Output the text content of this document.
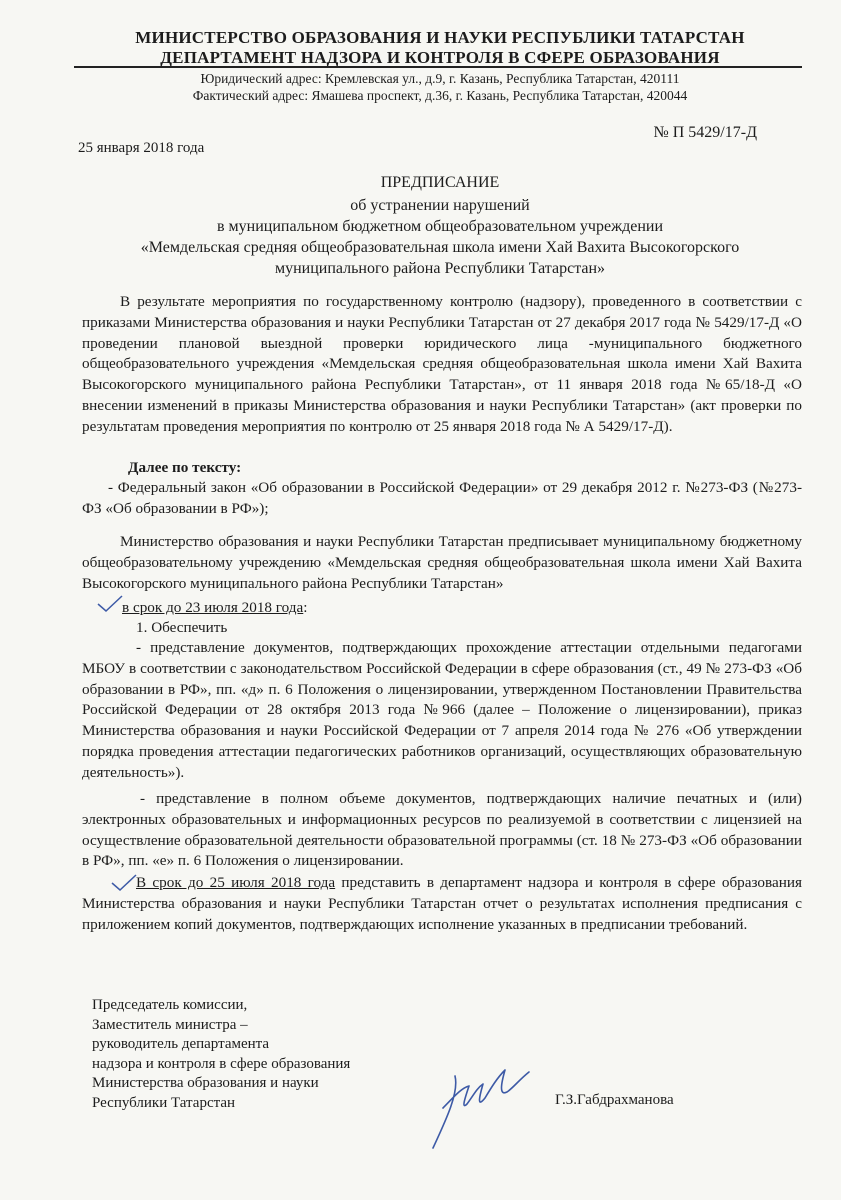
МИНИСТЕРСТВО ОБРАЗОВАНИЯ И НАУКИ РЕСПУБЛИКИ ТАТАРСТАН
ДЕПАРТАМЕНТ НАДЗОРА И КОНТРОЛЯ В СФЕРЕ ОБРАЗОВАНИЯ
Юридический адрес: Кремлевская ул., д.9, г. Казань, Республика Татарстан, 420111
Фактический адрес: Ямашева проспект, д.36, г. Казань, Республика Татарстан, 420044
№ П 5429/17-Д
25 января 2018 года
ПРЕДПИСАНИЕ
об устранении нарушений
в муниципальном бюджетном общеобразовательном учреждении
«Мемдельская средняя общеобразовательная школа имени Хай Вахита Высокогорского
муниципального района Республики Татарстан»
В результате мероприятия по государственному контролю (надзору), проведенного в соответствии с приказами Министерства образования и науки Республики Татарстан от 27 декабря 2017 года № 5429/17-Д «О проведении плановой выездной проверки юридического лица -муниципального бюджетного общеобразовательного учреждения «Мемдельская средняя общеобразовательная школа имени Хай Вахита Высокогорского муниципального района Республики Татарстан», от 11 января 2018 года №65/18-Д «О внесении изменений в приказы Министерства образования и науки Республики Татарстан» (акт проверки по результатам проведения мероприятия по контролю от 25 января 2018 года № А 5429/17-Д).
Далее по тексту:
- Федеральный закон «Об образовании в Российской Федерации» от 29 декабря 2012 г. №273-ФЗ (№273-ФЗ «Об образовании в РФ»);
Министерство образования и науки Республики Татарстан предписывает муниципальному бюджетному общеобразовательному учреждению «Мемдельская средняя общеобразовательная школа имени Хай Вахита Высокогорского муниципального района Республики Татарстан»
в срок до 23 июля 2018 года:
1. Обеспечить
- представление документов, подтверждающих прохождение аттестации отдельными педагогами МБОУ в соответствии с законодательством Российской Федерации в сфере образования (ст., 49 № 273-ФЗ «Об образовании в РФ», пп. «д» п. 6 Положения о лицензировании, утвержденном Постановлении Правительства Российской Федерации от 28 октября 2013 года №966 (далее – Положение о лицензировании), приказ Министерства образования и науки Российской Федерации от 7 апреля 2014 года № 276 «Об утверждении порядка проведения аттестации педагогических работников организаций, осуществляющих образовательную деятельность»).
- представление в полном объеме документов, подтверждающих наличие печатных и (или) электронных образовательных и информационных ресурсов по реализуемой в соответствии с лицензией на осуществление образовательной деятельности образовательной программы (ст. 18 № 273-ФЗ «Об образовании в РФ», пп. «е» п. 6 Положения о лицензировании.
В срок до 25 июля 2018 года представить в департамент надзора и контроля в сфере образования Министерства образования и науки Республики Татарстан отчет о результатах исполнения предписания с приложением копий документов, подтверждающих исполнение указанных в предписании требований.
Председатель комиссии,
Заместитель министра –
руководитель департамента
надзора и контроля в сфере образования
Министерства образования и науки
Республики Татарстан	Г.З.Габдрахманова
